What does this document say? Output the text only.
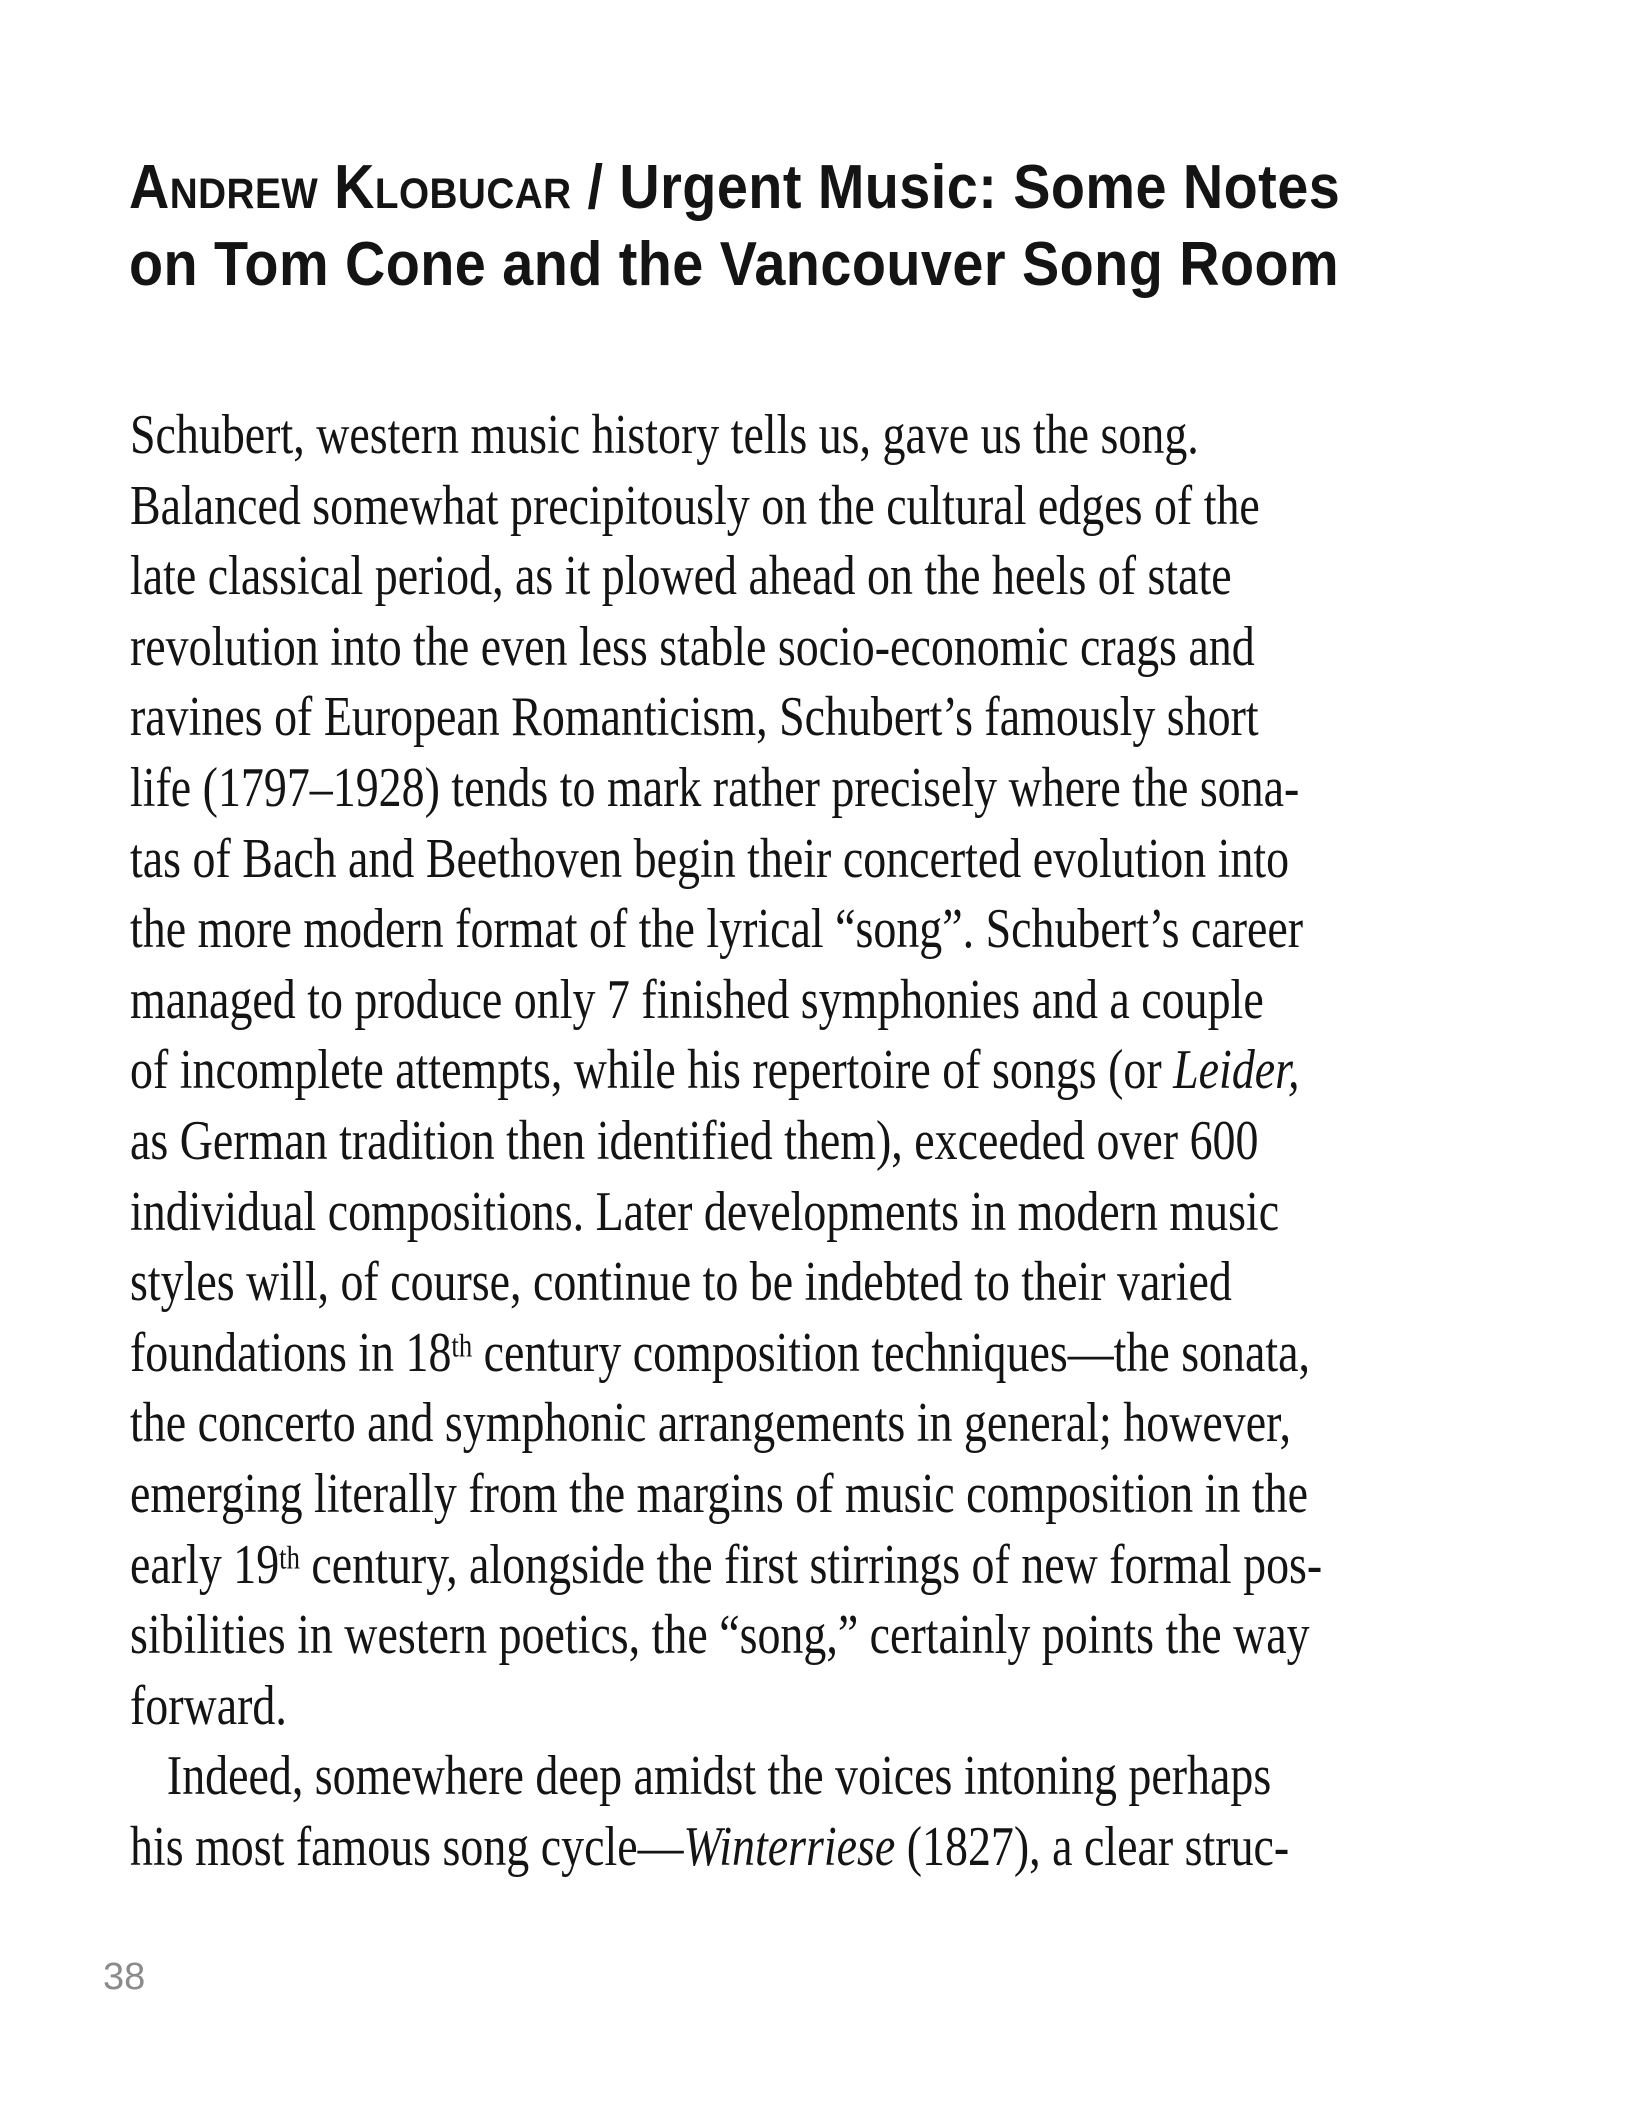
Andrew Klobucar / Urgent Music: Some Notes
on Tom Cone and the Vancouver Song Room
Schubert, western music history tells us, gave us the song.
Balanced somewhat precipitously on the cultural edges of the
late classical period, as it plowed ahead on the heels of state
revolution into the even less stable socio-economic crags and
ravines of European Romanticism, Schubert’s famously short
life (1797–1928) tends to mark rather precisely where the sona-
tas of Bach and Beethoven begin their concerted evolution into
the more modern format of the lyrical “song”. Schubert’s career
managed to produce only 7 finished symphonies and a couple
of incomplete attempts, while his repertoire of songs (or Leider,
as German tradition then identified them), exceeded over 600
individual compositions. Later developments in modern music
styles will, of course, continue to be indebted to their varied
foundations in 18th century composition techniques—the sonata,
the concerto and symphonic arrangements in general; however,
emerging literally from the margins of music composition in the
early 19th century, alongside the first stirrings of new formal pos-
sibilities in western poetics, the “song,” certainly points the way
forward.
Indeed, somewhere deep amidst the voices intoning perhaps
his most famous song cycle—Winterriese (1827), a clear struc-
38
